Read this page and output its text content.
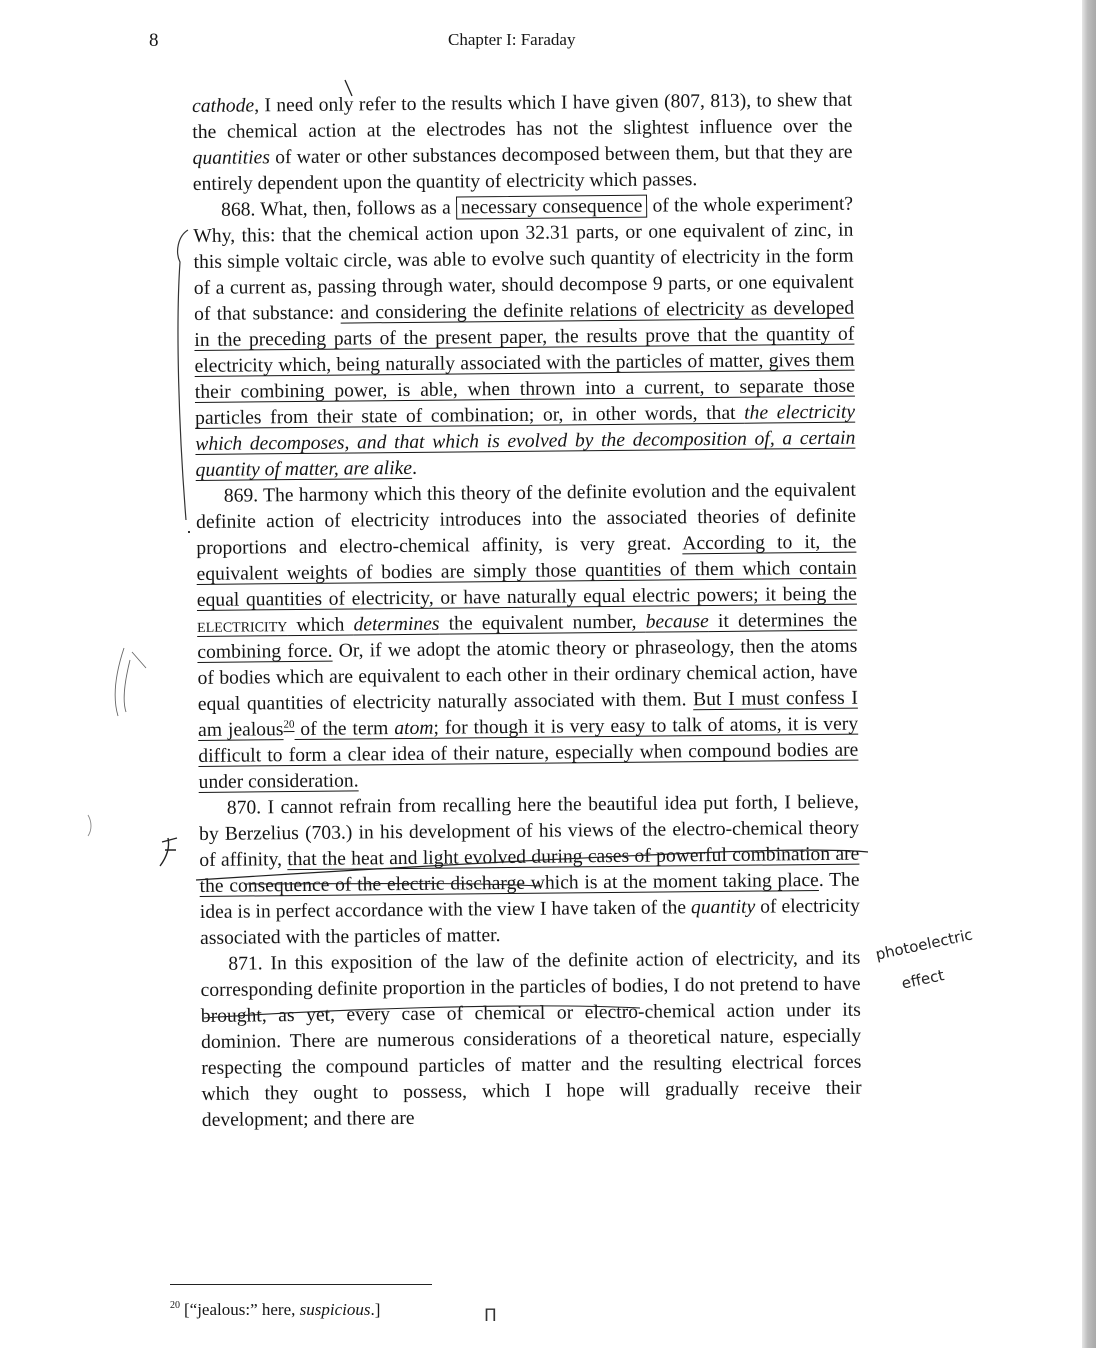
8	Chapter I: Faraday

cathode, I need only refer to the results which I have given (807, 813), to shew that the chemical action at the electrodes has not the slightest influence over the quantities of water or other substances decomposed between them, but that they are entirely dependent upon the quantity of electricity which passes.

868. What, then, follows as a necessary consequence of the whole experiment? Why, this: that the chemical action upon 32.31 parts, or one equivalent of zinc, in this simple voltaic circle, was able to evolve such quantity of electricity in the form of a current as, passing through water, should decompose 9 parts, or one equivalent of that substance: and considering the definite relations of electricity as developed in the preceding parts of the present paper, the results prove that the quantity of electricity which, being naturally associated with the particles of matter, gives them their combining power, is able, when thrown into a current, to separate those particles from their state of combination; or, in other words, that the electricity which decomposes, and that which is evolved by the decomposition of, a certain quantity of matter, are alike.

869. The harmony which this theory of the definite evolution and the equivalent definite action of electricity introduces into the associated theories of definite proportions and electro-chemical affinity, is very great. According to it, the equivalent weights of bodies are simply those quantities of them which contain equal quantities of electricity, or have naturally equal electric powers; it being the electricity which determines the equivalent number, because it determines the combining force. Or, if we adopt the atomic theory or phraseology, then the atoms of bodies which are equivalent to each other in their ordinary chemical action, have equal quantities of electricity naturally associated with them. But I must confess I am jealous$^{20}$ of the term atom; for though it is very easy to talk of atoms, it is very difficult to form a clear idea of their nature, especially when compound bodies are under consideration.

870. I cannot refrain from recalling here the beautiful idea put forth, I believe, by Berzelius (703.) in his development of his views of the electro-chemical theory of affinity, that the heat and light evolved during cases of powerful combination are the consequence of the electric discharge which is at the moment taking place. The idea is in perfect accordance with the view I have taken of the quantity of electricity associated with the particles of matter.

871. In this exposition of the law of the definite action of electricity, and its corresponding definite proportion in the particles of bodies, I do not pretend to have brought, as yet, every case of chemical or electro-chemical action under its dominion. There are numerous considerations of a theoretical nature, especially respecting the compound particles of matter and the resulting electrical forces which they ought to possess, which I hope will gradually receive their development; and there are

$^{20}$ [“jealous:” here, suspicious.]
photoelectric
effect
Π
